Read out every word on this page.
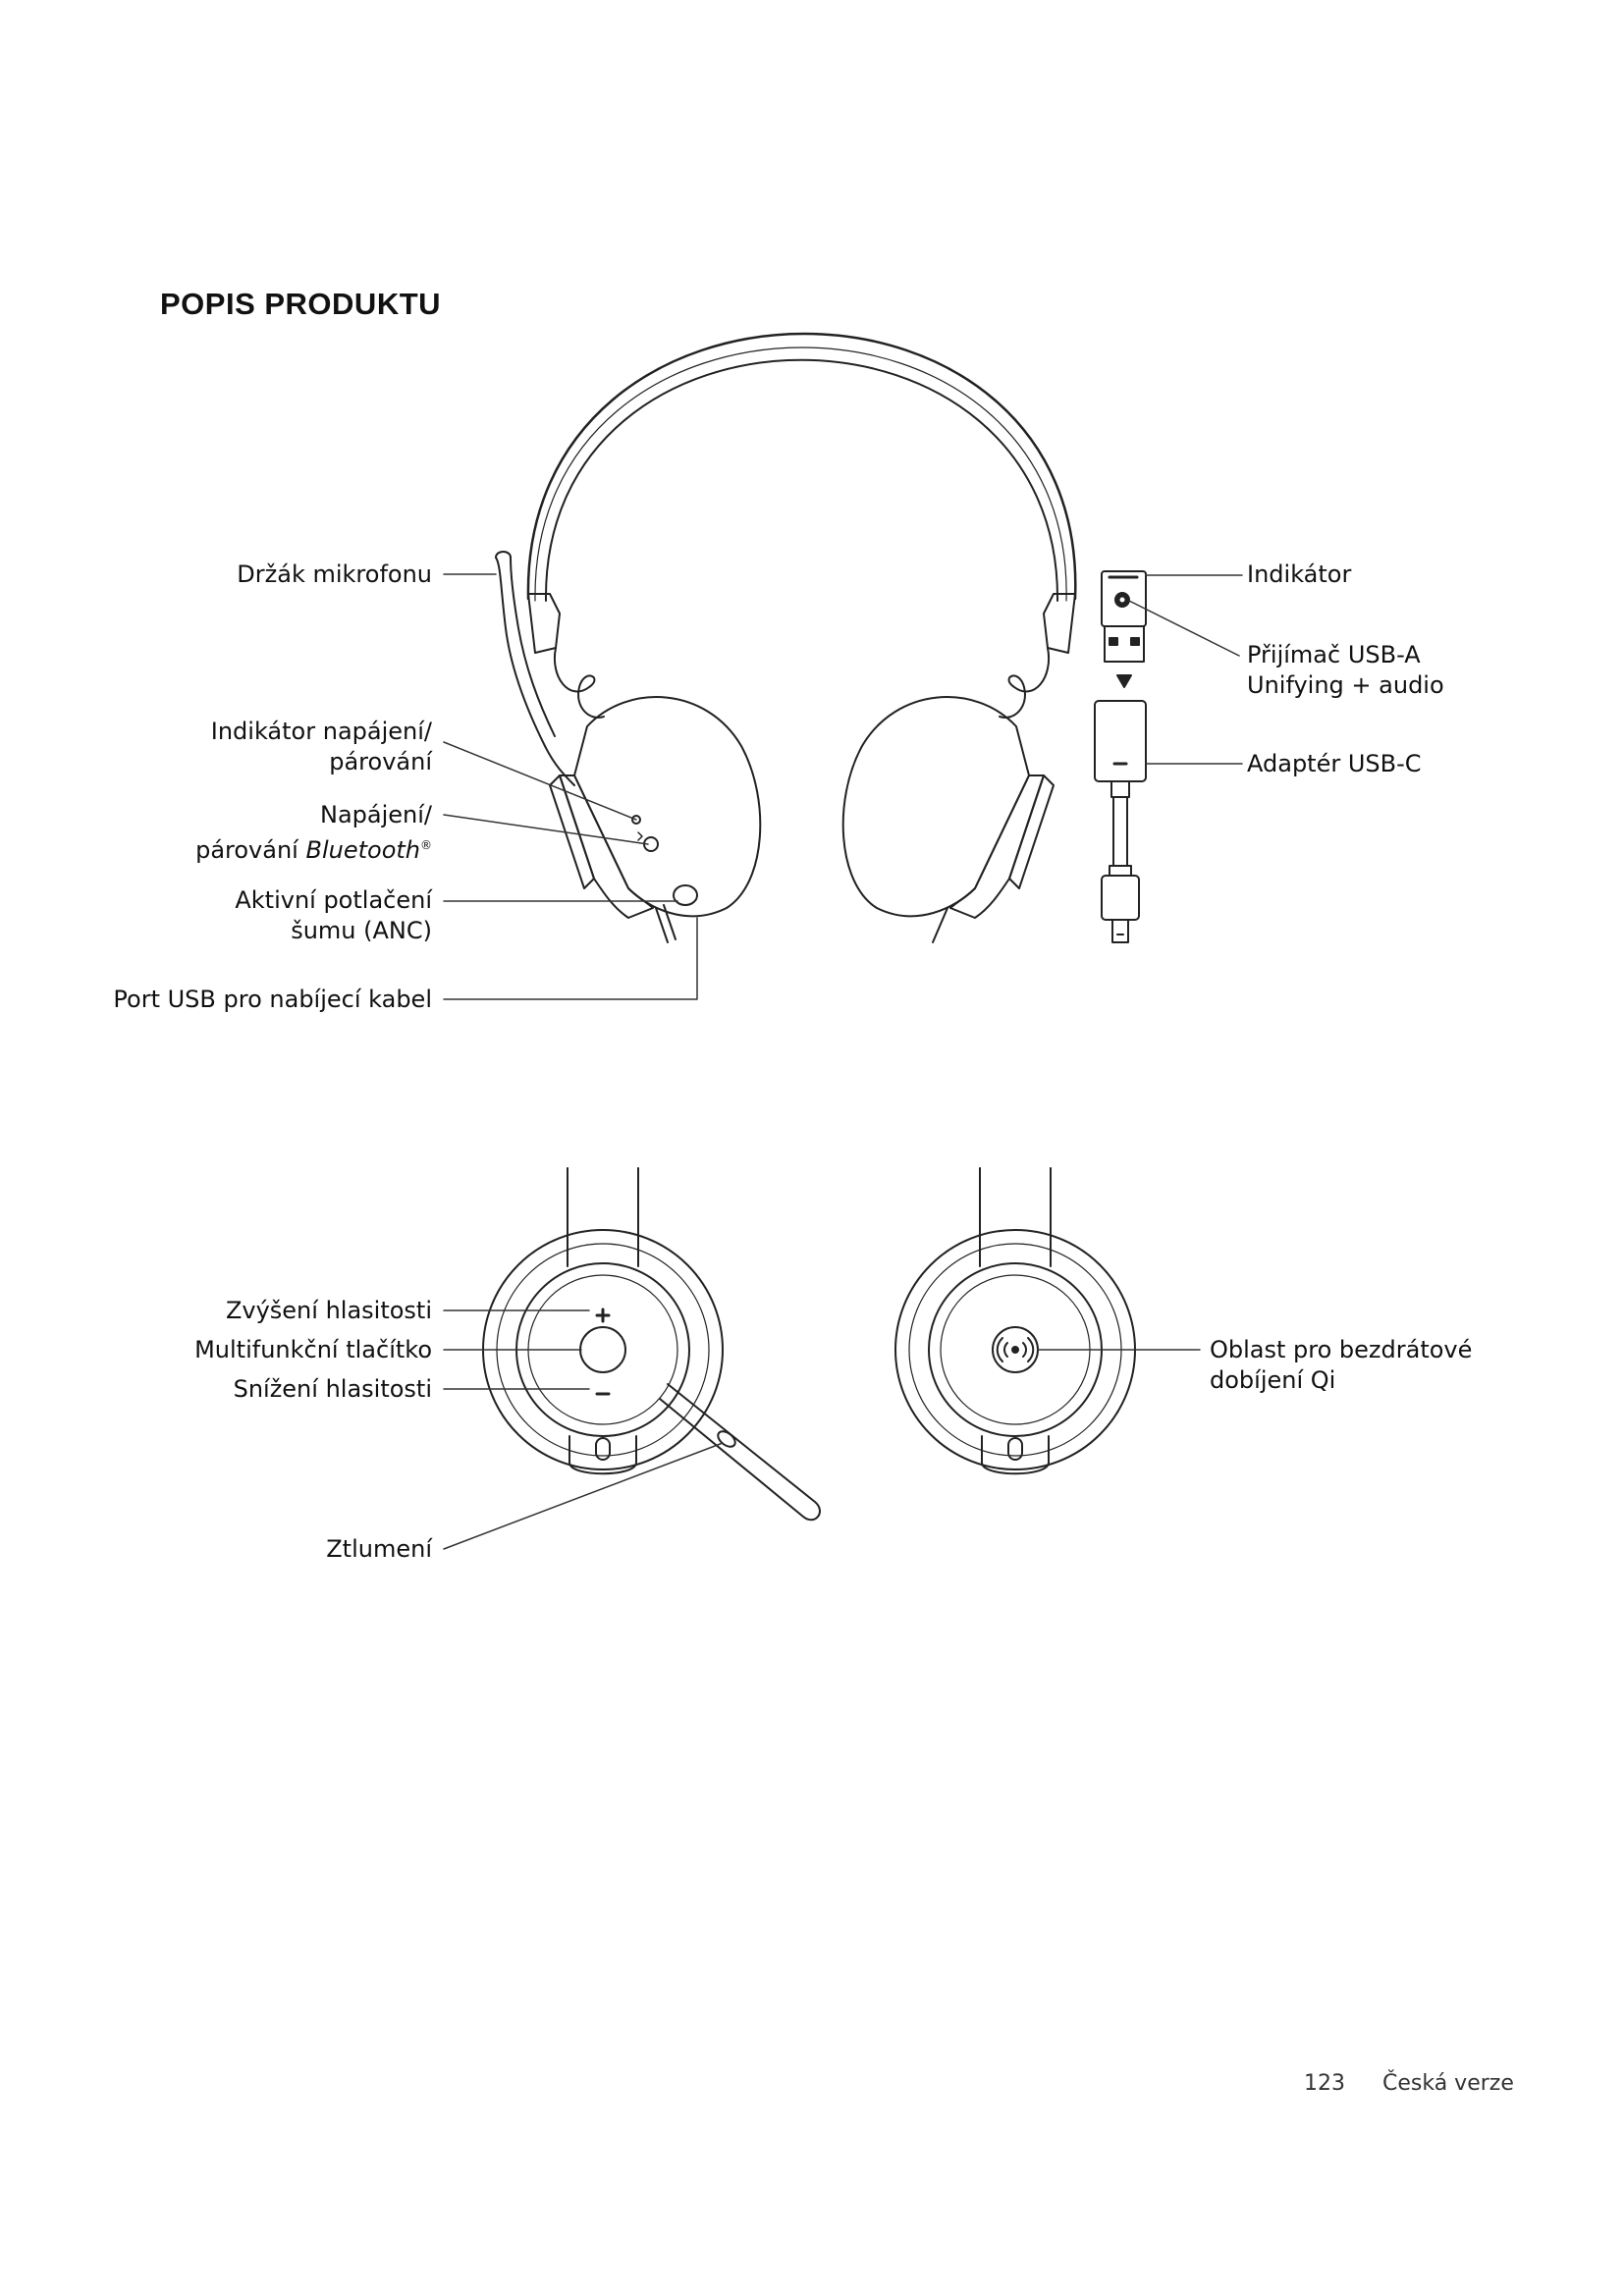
POPIS PRODUKTU
Držák mikrofonu
Indikátor napájení/
párování
Napájení/
párování Bluetooth®
Aktivní potlačení
šumu (ANC)
Port USB pro nabíjecí kabel
Indikátor
Přijímač USB-A
Unifying + audio
Adaptér USB-C
Zvýšení hlasitosti
Multifunkční tlačítko
Snížení hlasitosti
Ztlumení
Oblast pro bezdrátové
dobíjení Qi
123 Česká verze
